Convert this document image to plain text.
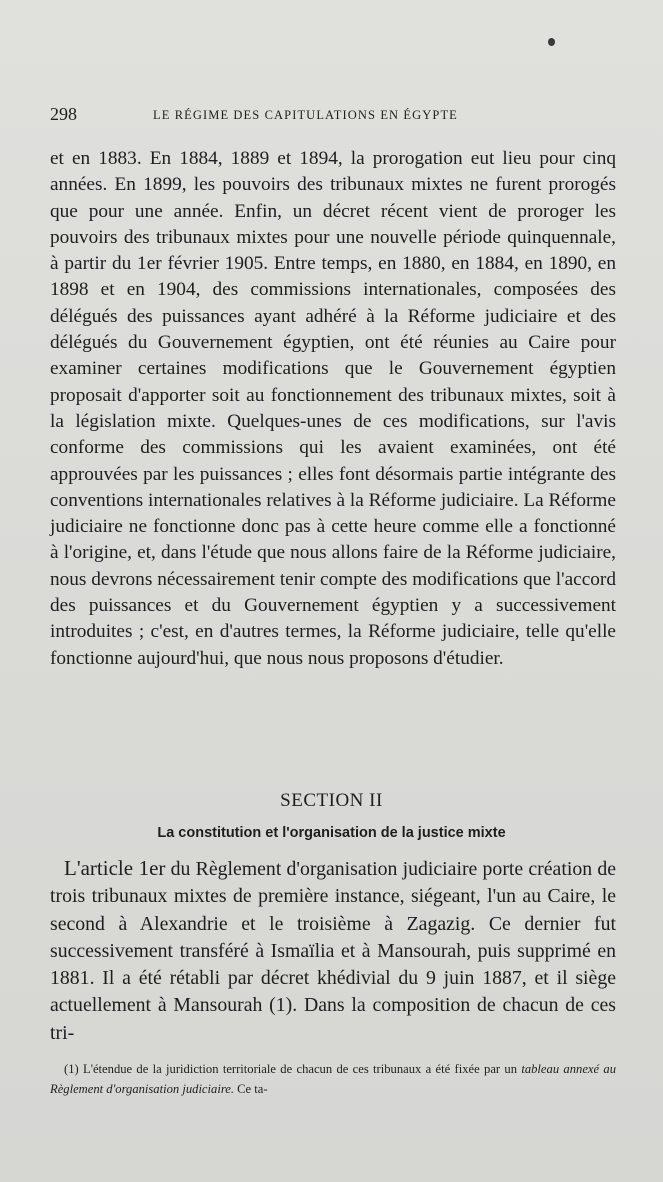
298	LE RÉGIME DES CAPITULATIONS EN ÉGYPTE

et en 1883. En 1884, 1889 et 1894, la prorogation eut lieu pour cinq années. En 1899, les pouvoirs des tribunaux mixtes ne furent prorogés que pour une année. Enfin, un décret récent vient de proroger les pouvoirs des tribunaux mixtes pour une nouvelle période quinquennale, à partir du 1er février 1905. Entre temps, en 1880, en 1884, en 1890, en 1898 et en 1904, des commissions internationales, composées des délégués des puissances ayant adhéré à la Réforme judiciaire et des délégués du Gouvernement égyptien, ont été réunies au Caire pour examiner certaines modifications que le Gouvernement égyptien proposait d'apporter soit au fonctionnement des tribunaux mixtes, soit à la législation mixte. Quelques-unes de ces modifications, sur l'avis conforme des commissions qui les avaient examinées, ont été approuvées par les puissances ; elles font désormais partie intégrante des conventions internationales relatives à la Réforme judiciaire. La Réforme judiciaire ne fonctionne donc pas à cette heure comme elle a fonctionné à l'origine, et, dans l'étude que nous allons faire de la Réforme judiciaire, nous devrons nécessairement tenir compte des modifications que l'accord des puissances et du Gouvernement égyptien y a successivement introduites ; c'est, en d'autres termes, la Réforme judiciaire, telle qu'elle fonctionne aujourd'hui, que nous nous proposons d'étudier.

SECTION II
La constitution et l'organisation de la justice mixte

L'article 1er du Règlement d'organisation judiciaire porte création de trois tribunaux mixtes de première instance, siégeant, l'un au Caire, le second à Alexandrie et le troisième à Zagazig. Ce dernier fut successivement transféré à Ismaïlia et à Mansourah, puis supprimé en 1881. Il a été rétabli par décret khédivial du 9 juin 1887, et il siège actuellement à Mansourah (1). Dans la composition de chacun de ces tri-

(1) L'étendue de la juridiction territoriale de chacun de ces tribunaux a été fixée par un tableau annexé au Règlement d'organisation judiciaire. Ce ta-
